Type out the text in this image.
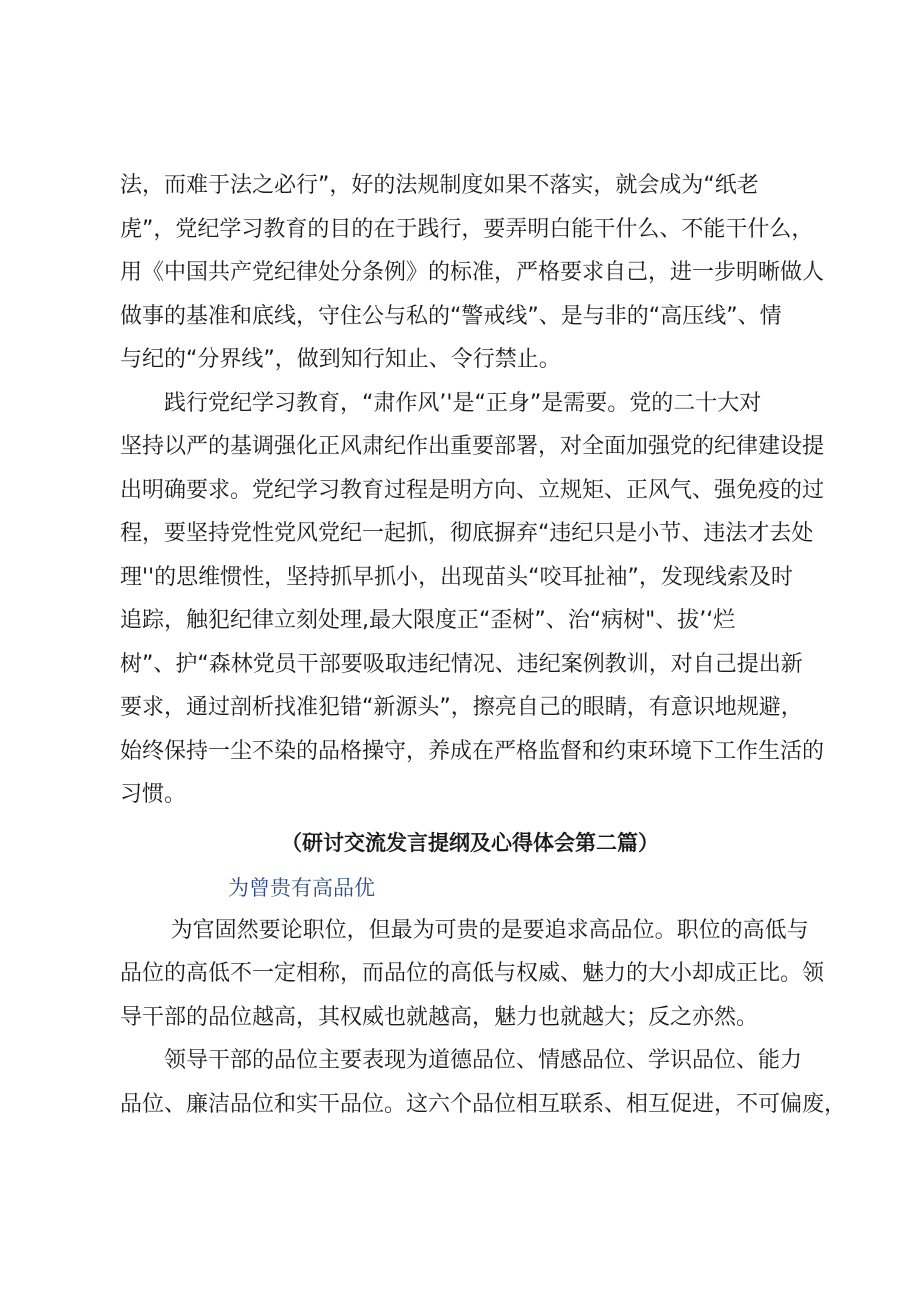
法，而难于法之必行”，好的法规制度如果不落实，就会成为“纸老
虎”，党纪学习教育的目的在于践行，要弄明白能干什么、不能干什么，
用《中国共产党纪律处分条例》的标准，严格要求自己，进一步明晰做人
做事的基准和底线，守住公与私的“警戒线”、是与非的“高压线”、情
与纪的“分界线”，做到知行知止、令行禁止。
践行党纪学习教育，“肃作风’'是“正身”是需要。党的二十大对
坚持以严的基调强化正风肃纪作出重要部署，对全面加强党的纪律建设提
出明确要求。党纪学习教育过程是明方向、立规矩、正风气、强免疫的过
程，要坚持党性党风党纪一起抓，彻底摒弃“违纪只是小节、违法才去处
理''的思维惯性，坚持抓早抓小，出现苗头“咬耳扯袖”，发现线索及时
追踪，触犯纪律立刻处理,最大限度正“歪树”、治“病树"、拔’‘烂
树”、护“森林党员干部要吸取违纪情况、违纪案例教训，对自己提出新
要求，通过剖析找准犯错“新源头”，擦亮自己的眼睛，有意识地规避，
始终保持一尘不染的品格操守，养成在严格监督和约束环境下工作生活的
习惯。
（研讨交流发言提纲及心得体会第二篇）
为曾贵有高品优
为官固然要论职位，但最为可贵的是要追求高品位。职位的高低与
品位的高低不一定相称，而品位的高低与权威、魅力的大小却成正比。领
导干部的品位越高，其权威也就越高，魅力也就越大；反之亦然。
领导干部的品位主要表现为道德品位、情感品位、学识品位、能力
品位、廉洁品位和实干品位。这六个品位相互联系、相互促进，不可偏废，
